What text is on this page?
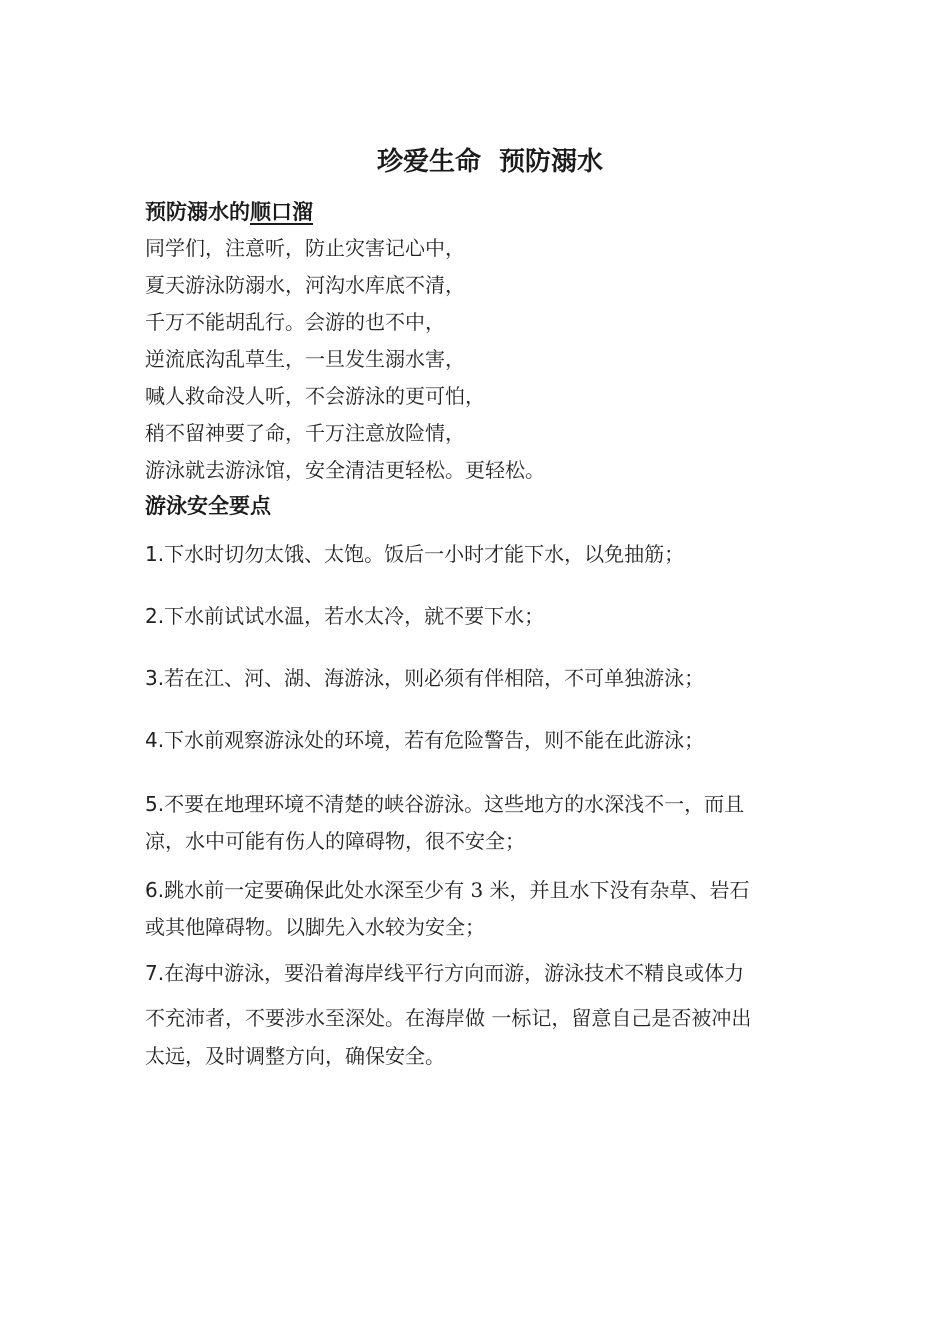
珍爱生命  预防溺水
预防溺水的顺口溜
同学们，注意听，防止灾害记心中，
夏天游泳防溺水，河沟水库底不清，
千万不能胡乱行。会游的也不中，
逆流底沟乱草生，一旦发生溺水害，
喊人救命没人听，不会游泳的更可怕，
稍不留神要了命，千万注意放险情，
游泳就去游泳馆，安全清洁更轻松。更轻松。
游泳安全要点
1.下水时切勿太饿、太饱。饭后一小时才能下水，以免抽筋；
2.下水前试试水温，若水太冷，就不要下水；
3.若在江、河、湖、海游泳，则必须有伴相陪，不可单独游泳；
4.下水前观察游泳处的环境，若有危险警告，则不能在此游泳；
5.不要在地理环境不清楚的峡谷游泳。这些地方的水深浅不一，而且
凉，水中可能有伤人的障碍物，很不安全；
6.跳水前一定要确保此处水深至少有 3 米，并且水下没有杂草、岩石
或其他障碍物。以脚先入水较为安全；
7.在海中游泳，要沿着海岸线平行方向而游，游泳技术不精良或体力
不充沛者，不要涉水至深处。在海岸做 一标记，留意自己是否被冲出
太远，及时调整方向，确保安全。
